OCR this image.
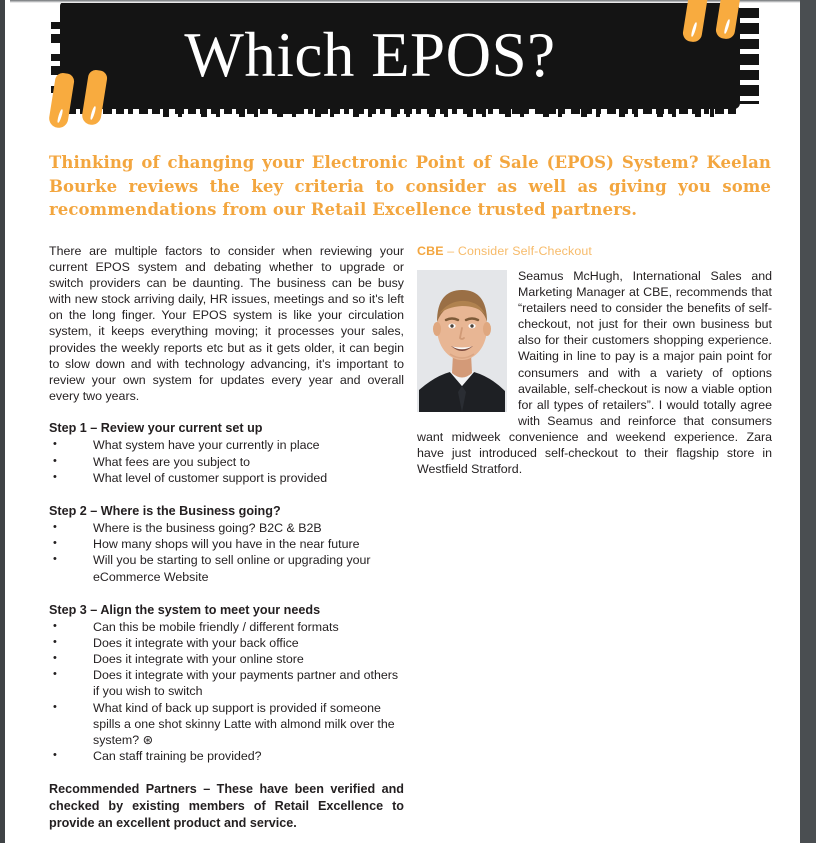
Which EPOS?
Thinking of changing your Electronic Point of Sale (EPOS) System? Keelan Bourke reviews the key criteria to consider as well as giving you some recommendations from our Retail Excellence trusted partners.

There are multiple factors to consider when reviewing your current EPOS system and debating whether to upgrade or switch providers can be daunting. The business can be busy with new stock arriving daily, HR issues, meetings and so it's left on the long finger. Your EPOS system is like your circulation system, it keeps everything moving; it processes your sales, provides the weekly reports etc but as it gets older, it can begin to slow down and with technology advancing, it's important to review your own system for updates every year and overall every two years.

Step 1 – Review your current set up
• What system have your currently in place
• What fees are you subject to
• What level of customer support is provided
Step 2 – Where is the Business going?
• Where is the business going? B2C & B2B
• How many shops will you have in the near future
• Will you be starting to sell online or upgrading your eCommerce Website
Step 3 – Align the system to meet your needs
• Can this be mobile friendly / different formats
• Does it integrate with your back office
• Does it integrate with your online store
• Does it integrate with your payments partner and others if you wish to switch
• What kind of back up support is provided if someone spills a one shot skinny Latte with almond milk over the system? ⊛
• Can staff training be provided?

Recommended Partners – These have been verified and checked by existing members of Retail Excellence to provide an excellent product and service.

CBE – Consider Self-Checkout

Seamus McHugh, International Sales and Marketing Manager at CBE, recommends that “retailers need to consider the benefits of self-checkout, not just for their own business but also for their customers shopping experience. Waiting in line to pay is a major pain point for consumers and with a variety of options available, self-checkout is now a viable option for all types of retailers”. I would totally agree with Seamus and reinforce that consumers want midweek convenience and weekend experience. Zara have just introduced self-checkout to their flagship store in Westfield Stratford.
